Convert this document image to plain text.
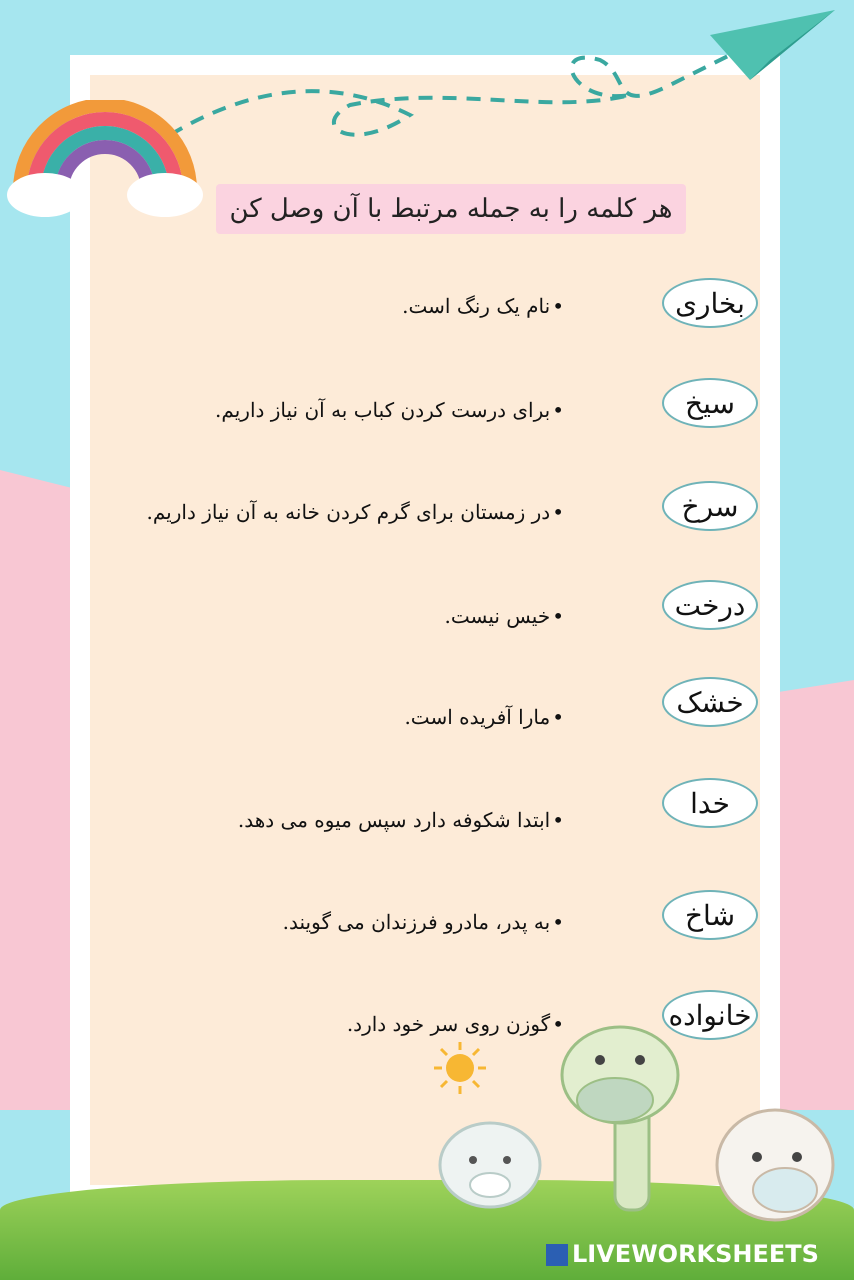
هر کلمه را به جمله مرتبط با آن وصل کن
بخاری
سیخ
سرخ
درخت
خشک
خدا
شاخ
خانواده
•نام یک رنگ است.
•برای درست کردن کباب به آن نیاز داریم.
•در زمستان برای گرم کردن خانه به آن نیاز داریم.
•خیس نیست.
•مارا آفریده است.
•ابتدا شکوفه دارد سپس میوه می دهد.
•به پدر، مادرو فرزندان می گویند.
•گوزن روی سر خود دارد.
LIVEWORKSHEETS
